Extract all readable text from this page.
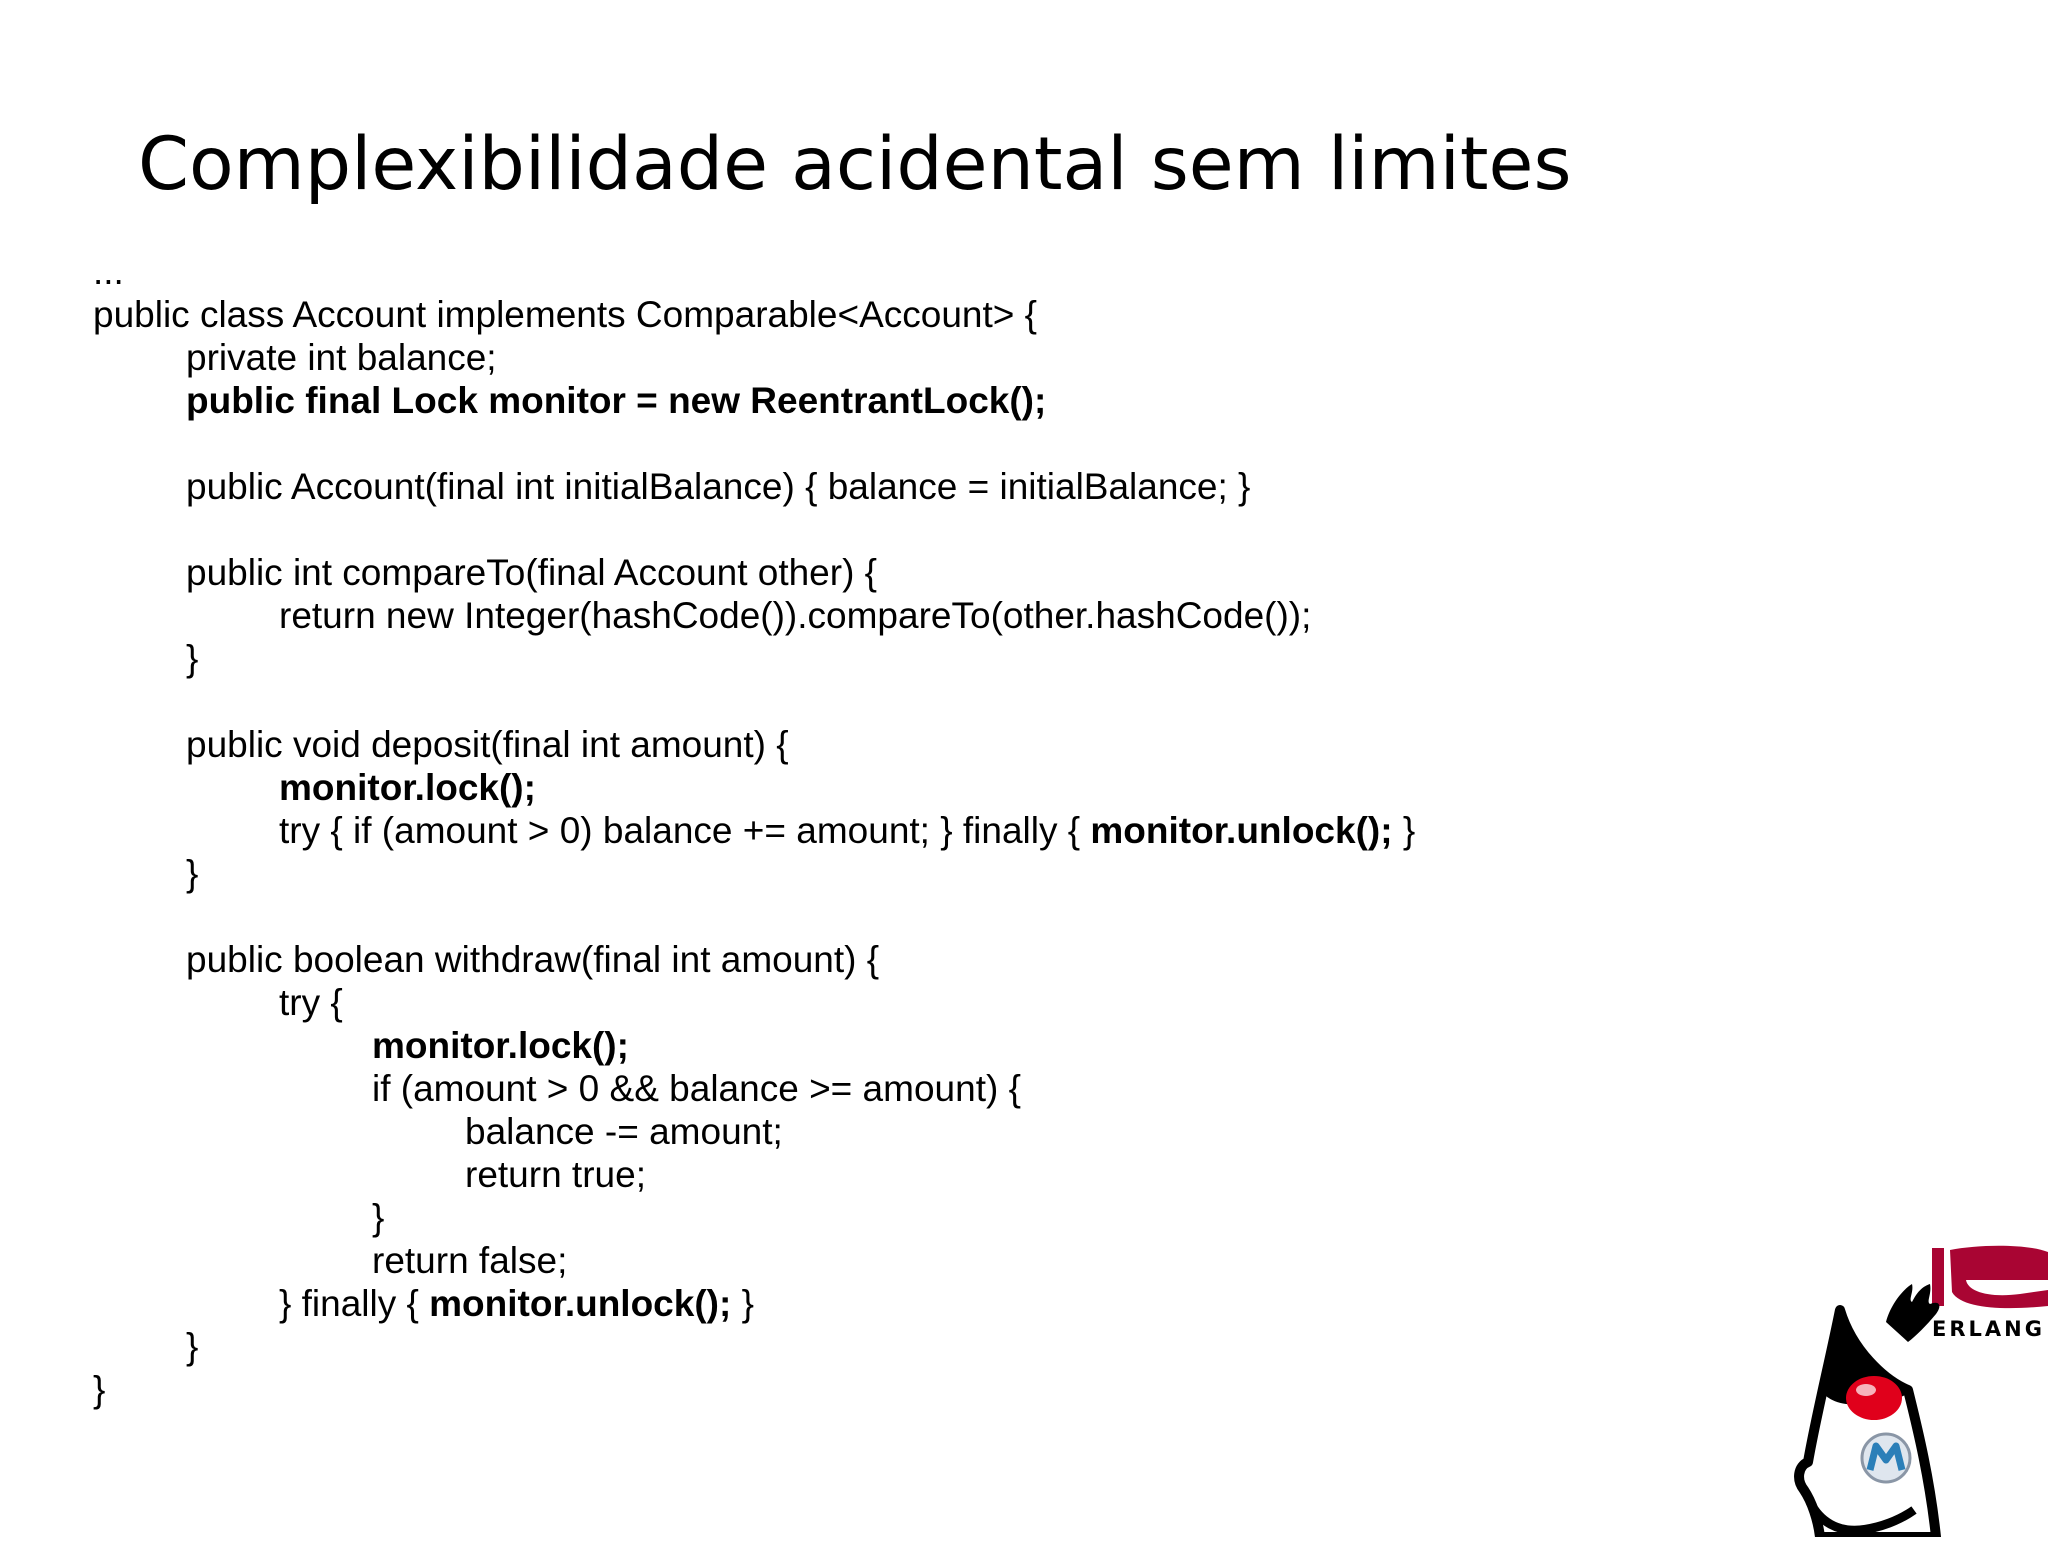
Complexibilidade acidental sem limites
...
public class Account implements Comparable<Account> {
private int balance;
public final Lock monitor = new ReentrantLock();
public Account(final int initialBalance) { balance = initialBalance; }
public int compareTo(final Account other) {
return new Integer(hashCode()).compareTo(other.hashCode());
}
public void deposit(final int amount) {
monitor.lock();
try { if (amount > 0) balance += amount; } finally { monitor.unlock(); }
}
public boolean withdraw(final int amount) {
try {
monitor.lock();
if (amount > 0 && balance >= amount) {
balance -= amount;
return true;
}
return false;
} finally { monitor.unlock(); }
}
}
ERLANG
